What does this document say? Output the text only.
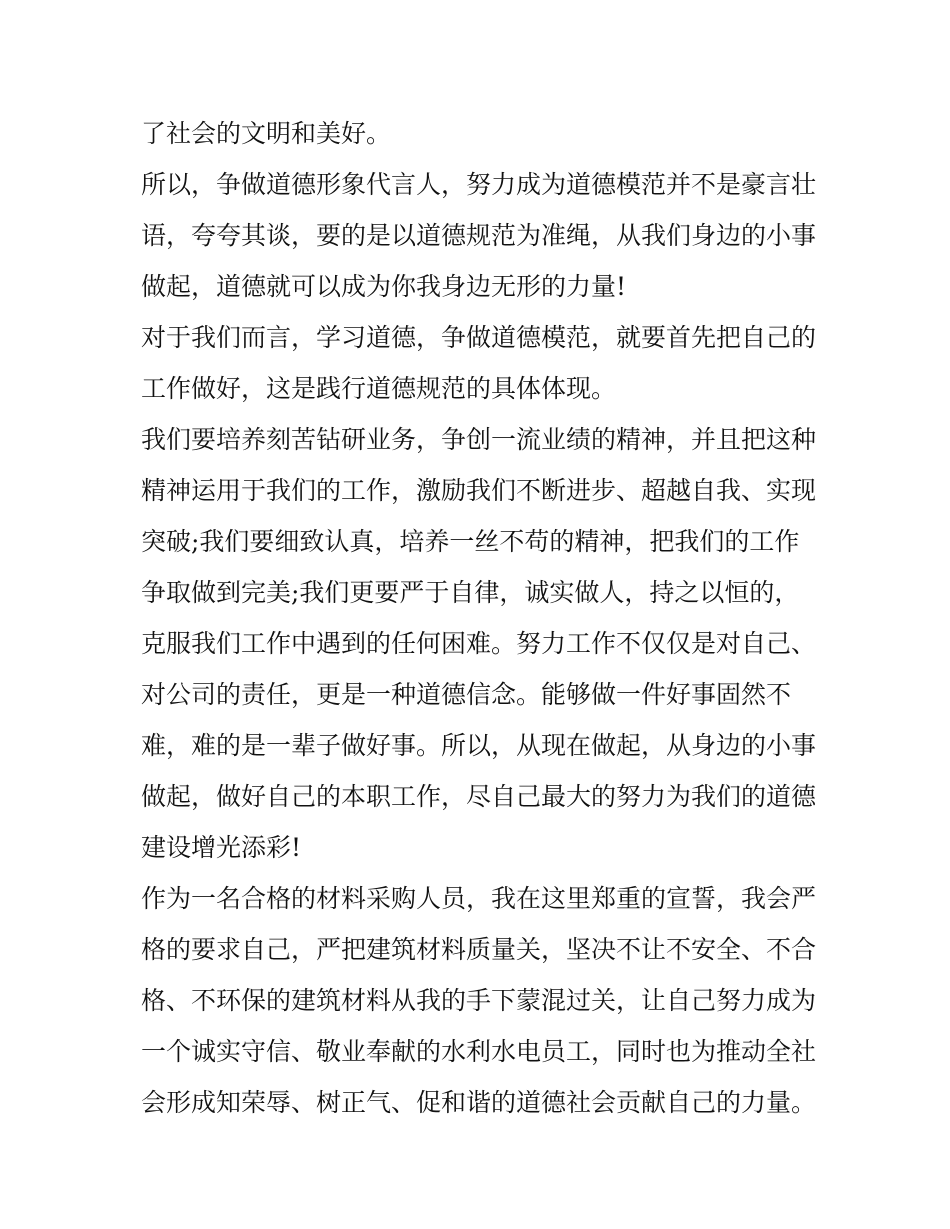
了社会的文明和美好。
所以，争做道德形象代言人，努力成为道德模范并不是豪言壮
语，夸夸其谈，要的是以道德规范为准绳，从我们身边的小事
做起，道德就可以成为你我身边无形的力量!
对于我们而言，学习道德，争做道德模范，就要首先把自己的
工作做好，这是践行道德规范的具体体现。
我们要培养刻苦钻研业务，争创一流业绩的精神，并且把这种
精神运用于我们的工作，激励我们不断进步、超越自我、实现
突破;我们要细致认真，培养一丝不苟的精神，把我们的工作
争取做到完美;我们更要严于自律，诚实做人，持之以恒的，
克服我们工作中遇到的任何困难。努力工作不仅仅是对自己、
对公司的责任，更是一种道德信念。能够做一件好事固然不
难，难的是一辈子做好事。所以，从现在做起，从身边的小事
做起，做好自己的本职工作，尽自己最大的努力为我们的道德
建设增光添彩!
作为一名合格的材料采购人员，我在这里郑重的宣誓，我会严
格的要求自己，严把建筑材料质量关，坚决不让不安全、不合
格、不环保的建筑材料从我的手下蒙混过关，让自己努力成为
一个诚实守信、敬业奉献的水利水电员工，同时也为推动全社
会形成知荣辱、树正气、促和谐的道德社会贡献自己的力量。
